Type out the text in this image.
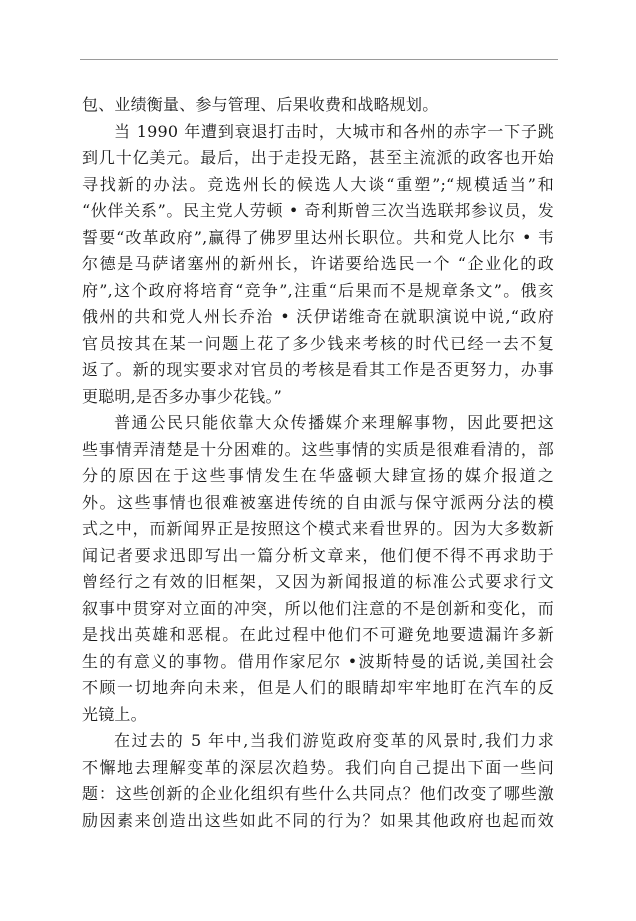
包、业绩衡量、参与管理、后果收费和战略规划。
当 1990 年遭到衰退打击时，大城市和各州的赤字一下子跳
到几十亿美元。最后，出于走投无路，甚至主流派的政客也开始
寻找新的办法。竞选州长的候选人大谈“重塑”;“规模适当”和
“伙伴关系”。民主党人劳顿 • 奇利斯曾三次当选联邦参议员，发
誓要“改革政府”,赢得了佛罗里达州长职位。共和党人比尔 • 韦
尔德是马萨诸塞州的新州长，许诺要给选民一个 “企业化的政
府”,这个政府将培育“竞争”,注重“后果而不是规章条文”。俄亥
俄州的共和党人州长乔治 • 沃伊诺维奇在就职演说中说,“政府
官员按其在某一问题上花了多少钱来考核的时代已经一去不复
返了。新的现实要求对官员的考核是看其工作是否更努力，办事
更聪明,是否多办事少花钱。”
普通公民只能依靠大众传播媒介来理解事物，因此要把这
些事情弄清楚是十分困难的。这些事情的实质是很难看清的，部
分的原因在于这些事情发生在华盛顿大肆宣扬的媒介报道之
外。这些事情也很难被塞进传统的自由派与保守派两分法的模
式之中，而新闻界正是按照这个模式来看世界的。因为大多数新
闻记者要求迅即写出一篇分析文章来，他们便不得不再求助于
曾经行之有效的旧框架，又因为新闻报道的标准公式要求行文
叙事中贯穿对立面的冲突，所以他们注意的不是创新和变化，而
是找出英雄和恶棍。在此过程中他们不可避免地要遗漏许多新
生的有意义的事物。借用作家尼尔 •波斯特曼的话说,美国社会
不顾一切地奔向未来，但是人们的眼睛却牢牢地盯在汽车的反
光镜上。
在过去的 5 年中,当我们游览政府变革的风景时,我们力求
不懈地去理解变革的深层次趋势。我们向自己提出下面一些问
题：这些创新的企业化组织有些什么共同点？他们改变了哪些激
励因素来创造出这些如此不同的行为？如果其他政府也起而效
